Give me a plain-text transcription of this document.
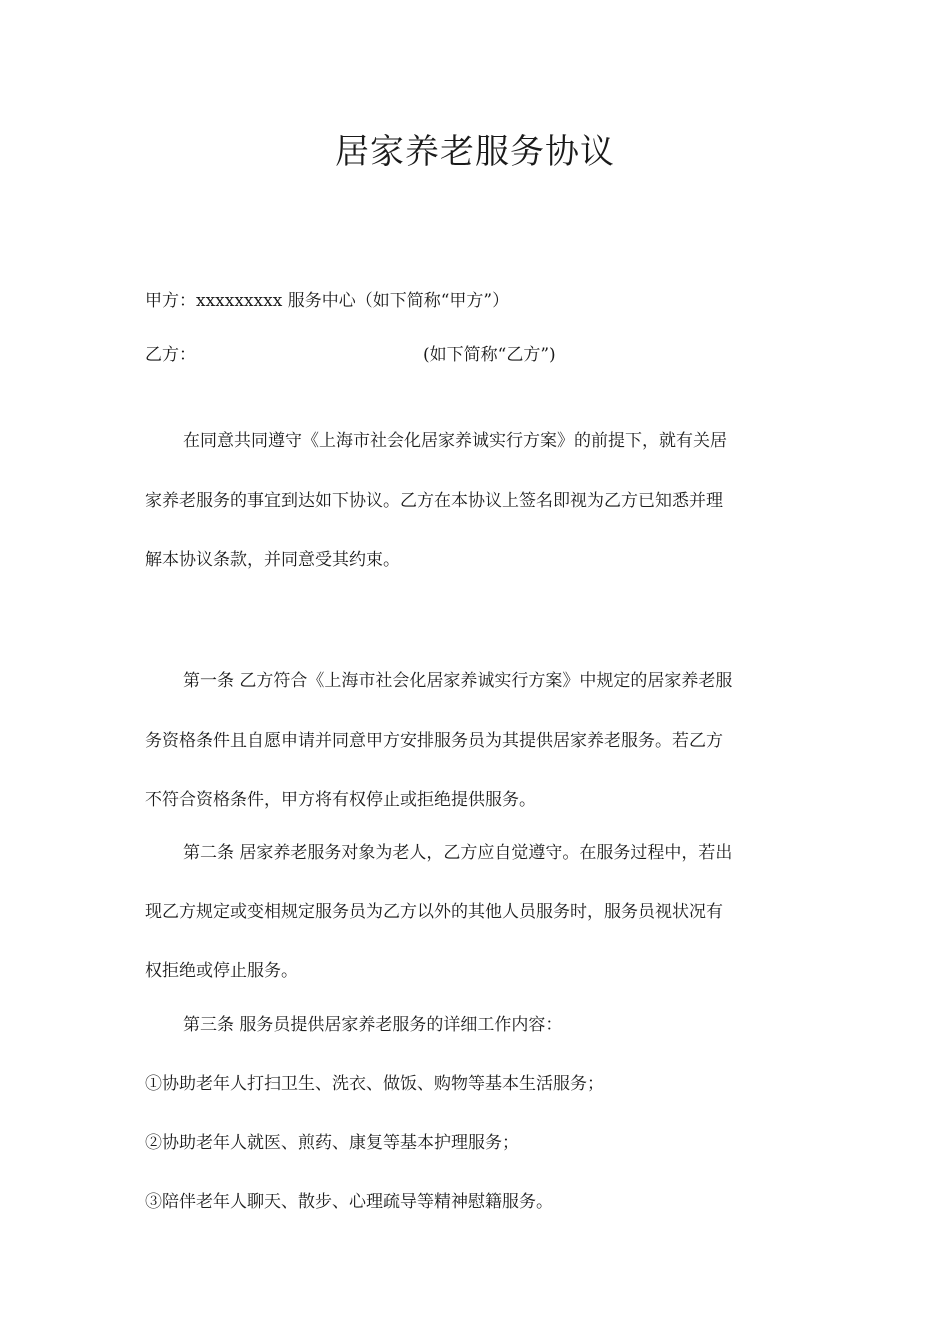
居家养老服务协议
甲方：xxxxxxxxx 服务中心（如下简称“甲方”）
乙方：	(如下简称“乙方”)
在同意共同遵守《上海市社会化居家养诚实行方案》的前提下，就有关居
家养老服务的事宜到达如下协议。乙方在本协议上签名即视为乙方已知悉并理
解本协议条款，并同意受其约束。
第一条 乙方符合《上海市社会化居家养诚实行方案》中规定的居家养老服
务资格条件且自愿申请并同意甲方安排服务员为其提供居家养老服务。若乙方
不符合资格条件，甲方将有权停止或拒绝提供服务。
第二条 居家养老服务对象为老人，乙方应自觉遵守。在服务过程中，若出
现乙方规定或变相规定服务员为乙方以外的其他人员服务时，服务员视状况有
权拒绝或停止服务。
第三条 服务员提供居家养老服务的详细工作内容：
①协助老年人打扫卫生、洗衣、做饭、购物等基本生活服务；
②协助老年人就医、煎药、康复等基本护理服务；
③陪伴老年人聊天、散步、心理疏导等精神慰籍服务。
